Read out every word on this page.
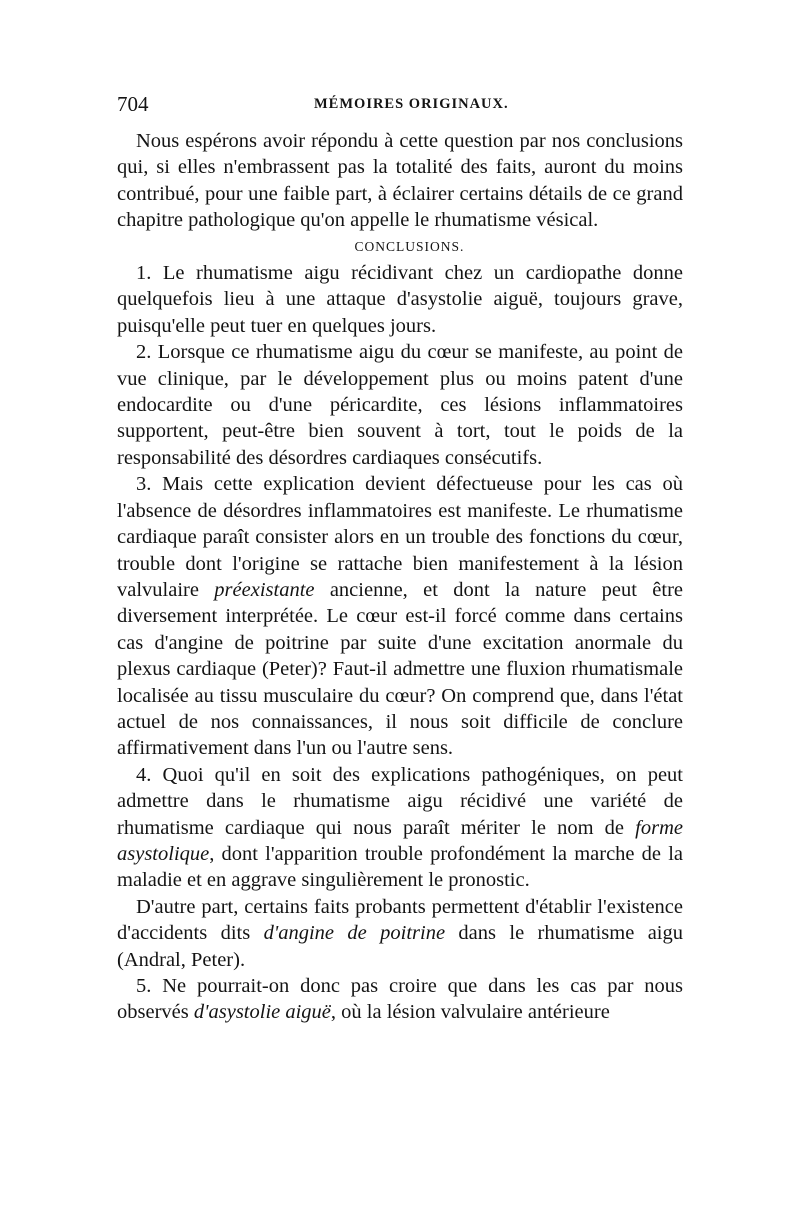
704	MÉMOIRES ORIGINAUX.

Nous espérons avoir répondu à cette question par nos conclusions qui, si elles n'embrassent pas la totalité des faits, auront du moins contribué, pour une faible part, à éclairer certains détails de ce grand chapitre pathologique qu'on appelle le rhumatisme vésical.

CONCLUSIONS.

1. Le rhumatisme aigu récidivant chez un cardiopathe donne quelquefois lieu à une attaque d'asystolie aiguë, toujours grave, puisqu'elle peut tuer en quelques jours.

2. Lorsque ce rhumatisme aigu du cœur se manifeste, au point de vue clinique, par le développement plus ou moins patent d'une endocardite ou d'une péricardite, ces lésions inflammatoires supportent, peut-être bien souvent à tort, tout le poids de la responsabilité des désordres cardiaques consécutifs.

3. Mais cette explication devient défectueuse pour les cas où l'absence de désordres inflammatoires est manifeste. Le rhumatisme cardiaque paraît consister alors en un trouble des fonctions du cœur, trouble dont l'origine se rattache bien manifestement à la lésion valvulaire préexistante ancienne, et dont la nature peut être diversement interprétée. Le cœur est-il forcé comme dans certains cas d'angine de poitrine par suite d'une excitation anormale du plexus cardiaque (Peter)? Faut-il admettre une fluxion rhumatismale localisée au tissu musculaire du cœur? On comprend que, dans l'état actuel de nos connaissances, il nous soit difficile de conclure affirmativement dans l'un ou l'autre sens.

4. Quoi qu'il en soit des explications pathogéniques, on peut admettre dans le rhumatisme aigu récidivé une variété de rhumatisme cardiaque qui nous paraît mériter le nom de forme asystolique, dont l'apparition trouble profondément la marche de la maladie et en aggrave singulièrement le pronostic.

D'autre part, certains faits probants permettent d'établir l'existence d'accidents dits d'angine de poitrine dans le rhumatisme aigu (Andral, Peter).

5. Ne pourrait-on donc pas croire que dans les cas par nous observés d'asystolie aiguë, où la lésion valvulaire antérieure
